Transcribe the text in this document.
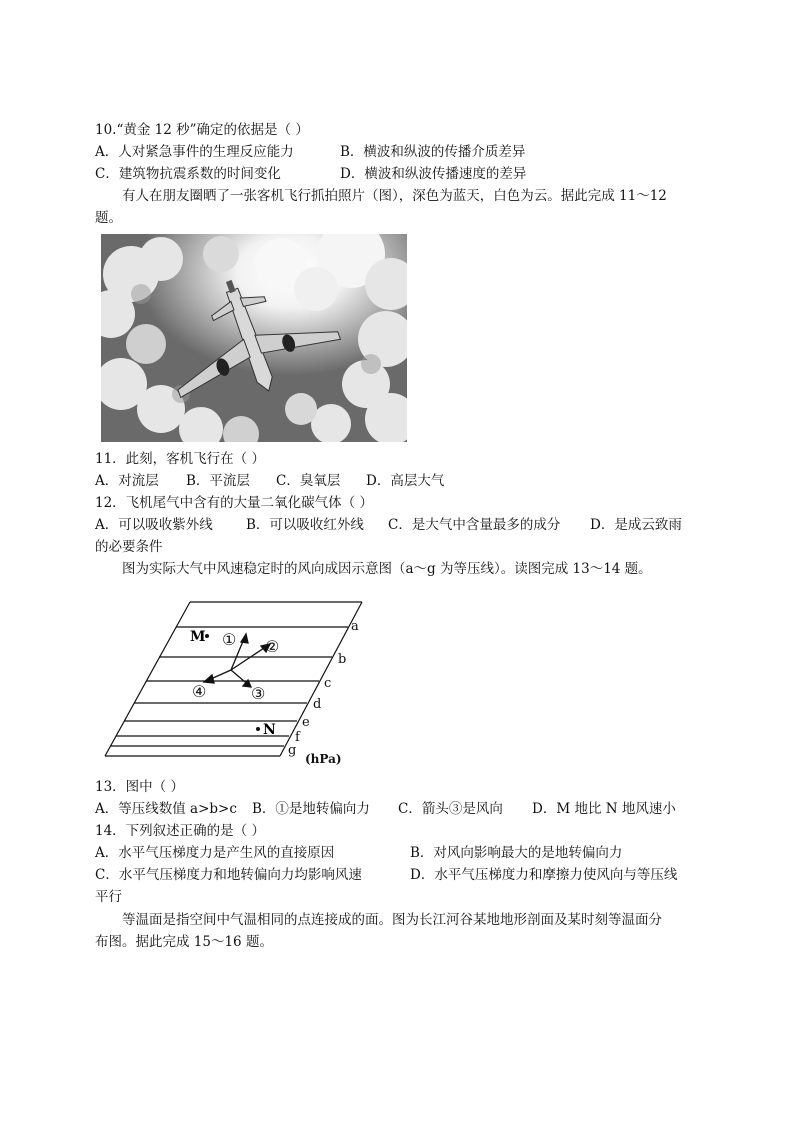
10.“黄金 12 秒”确定的依据是（ ）
A．人对紧急事件的生理反应能力	B．横波和纵波的传播介质差异
C．建筑物抗震系数的时间变化	D．横波和纵波传播速度的差异
有人在朋友圈晒了一张客机飞行抓拍照片（图），深色为蓝天，白色为云。据此完成 11～12
题。
11．此刻，客机飞行在（ ）
A．对流层 B．平流层 C．臭氧层 D．高层大气
12．飞机尾气中含有的大量二氧化碳气体（ ）
A．可以吸收紫外线 B．可以吸收红外线 C．是大气中含量最多的成分 D．是成云致雨
的必要条件
图为实际大气中风速稳定时的风向成因示意图（a～g 为等压线）。读图完成 13～14 题。
a
b
c
d
e
f
g
(hPa)
M
N
① ②
③
④
13．图中（ ）
A．等压线数值 a>b>c B．①是地转偏向力 C．箭头③是风向 D．M 地比 N 地风速小
14．下列叙述正确的是（ ）
A．水平气压梯度力是产生风的直接原因	B．对风向影响最大的是地转偏向力
C．水平气压梯度力和地转偏向力均影响风速	D．水平气压梯度力和摩擦力使风向与等压线
平行
等温面是指空间中气温相同的点连接成的面。图为长江河谷某地地形剖面及某时刻等温面分
布图。据此完成 15～16 题。
